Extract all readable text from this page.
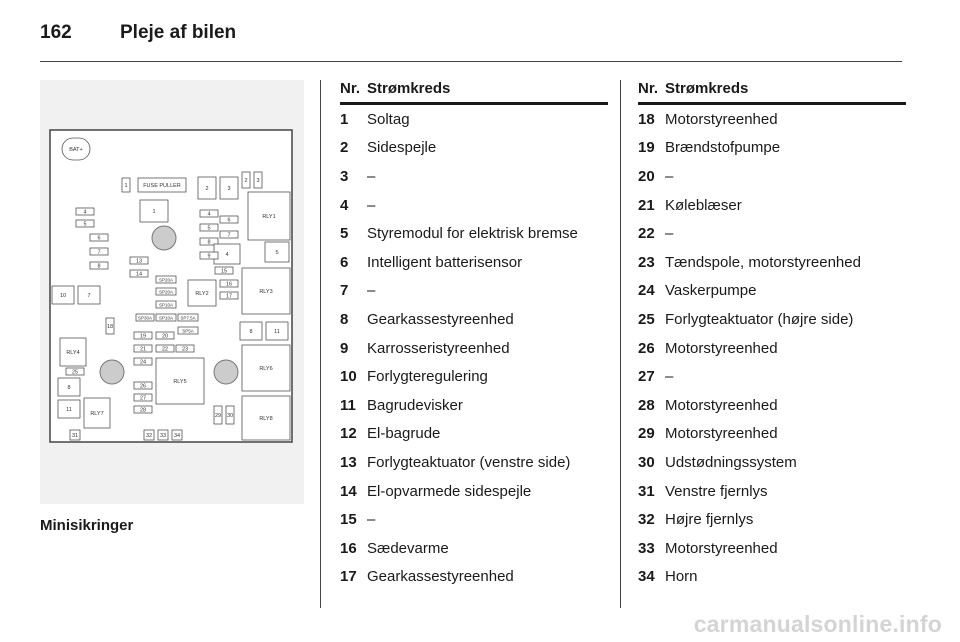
162	Pleje af bilen
BAT+
1	FUSE PULLER
1
2	3
2 3
RLY1
4
5
6
7
8
4
5
6
7
8
4	5
9
13
14	15
16
17
SP20A
SP20A
SP10A
RLY2	RLY3
10	7
SP30A SP10A SP7.5A
SP5A
18
8	11
19	20
21	22	23
RLY4
RLY6
24
25
RLY5
26
27
8
28
11
RLY7	29 30	RLY8
31	32 33 34
Minisikringer
Nr. Strømkreds
1	Soltag
2	Sidespejle
3	–
4	–
5	Styremodul for elektrisk bremse
6	Intelligent batterisensor
7	–
8	Gearkassestyreenhed
9	Karrosseristyreenhed
10 Forlygteregulering
11 Bagrudevisker
12 El-bagrude
13 Forlygteaktuator (venstre side)
14 El-opvarmede sidespejle
15 –
16 Sædevarme
17 Gearkassestyreenhed
Nr. Strømkreds
18 Motorstyreenhed
19 Brændstofpumpe
20 –
21 Køleblæser
22 –
23 Tændspole, motorstyreenhed
24 Vaskerpumpe
25 Forlygteaktuator (højre side)
26 Motorstyreenhed
27 –
28 Motorstyreenhed
29 Motorstyreenhed
30 Udstødningssystem
31 Venstre fjernlys
32 Højre fjernlys
33 Motorstyreenhed
34 Horn
carmanualsonline.info
